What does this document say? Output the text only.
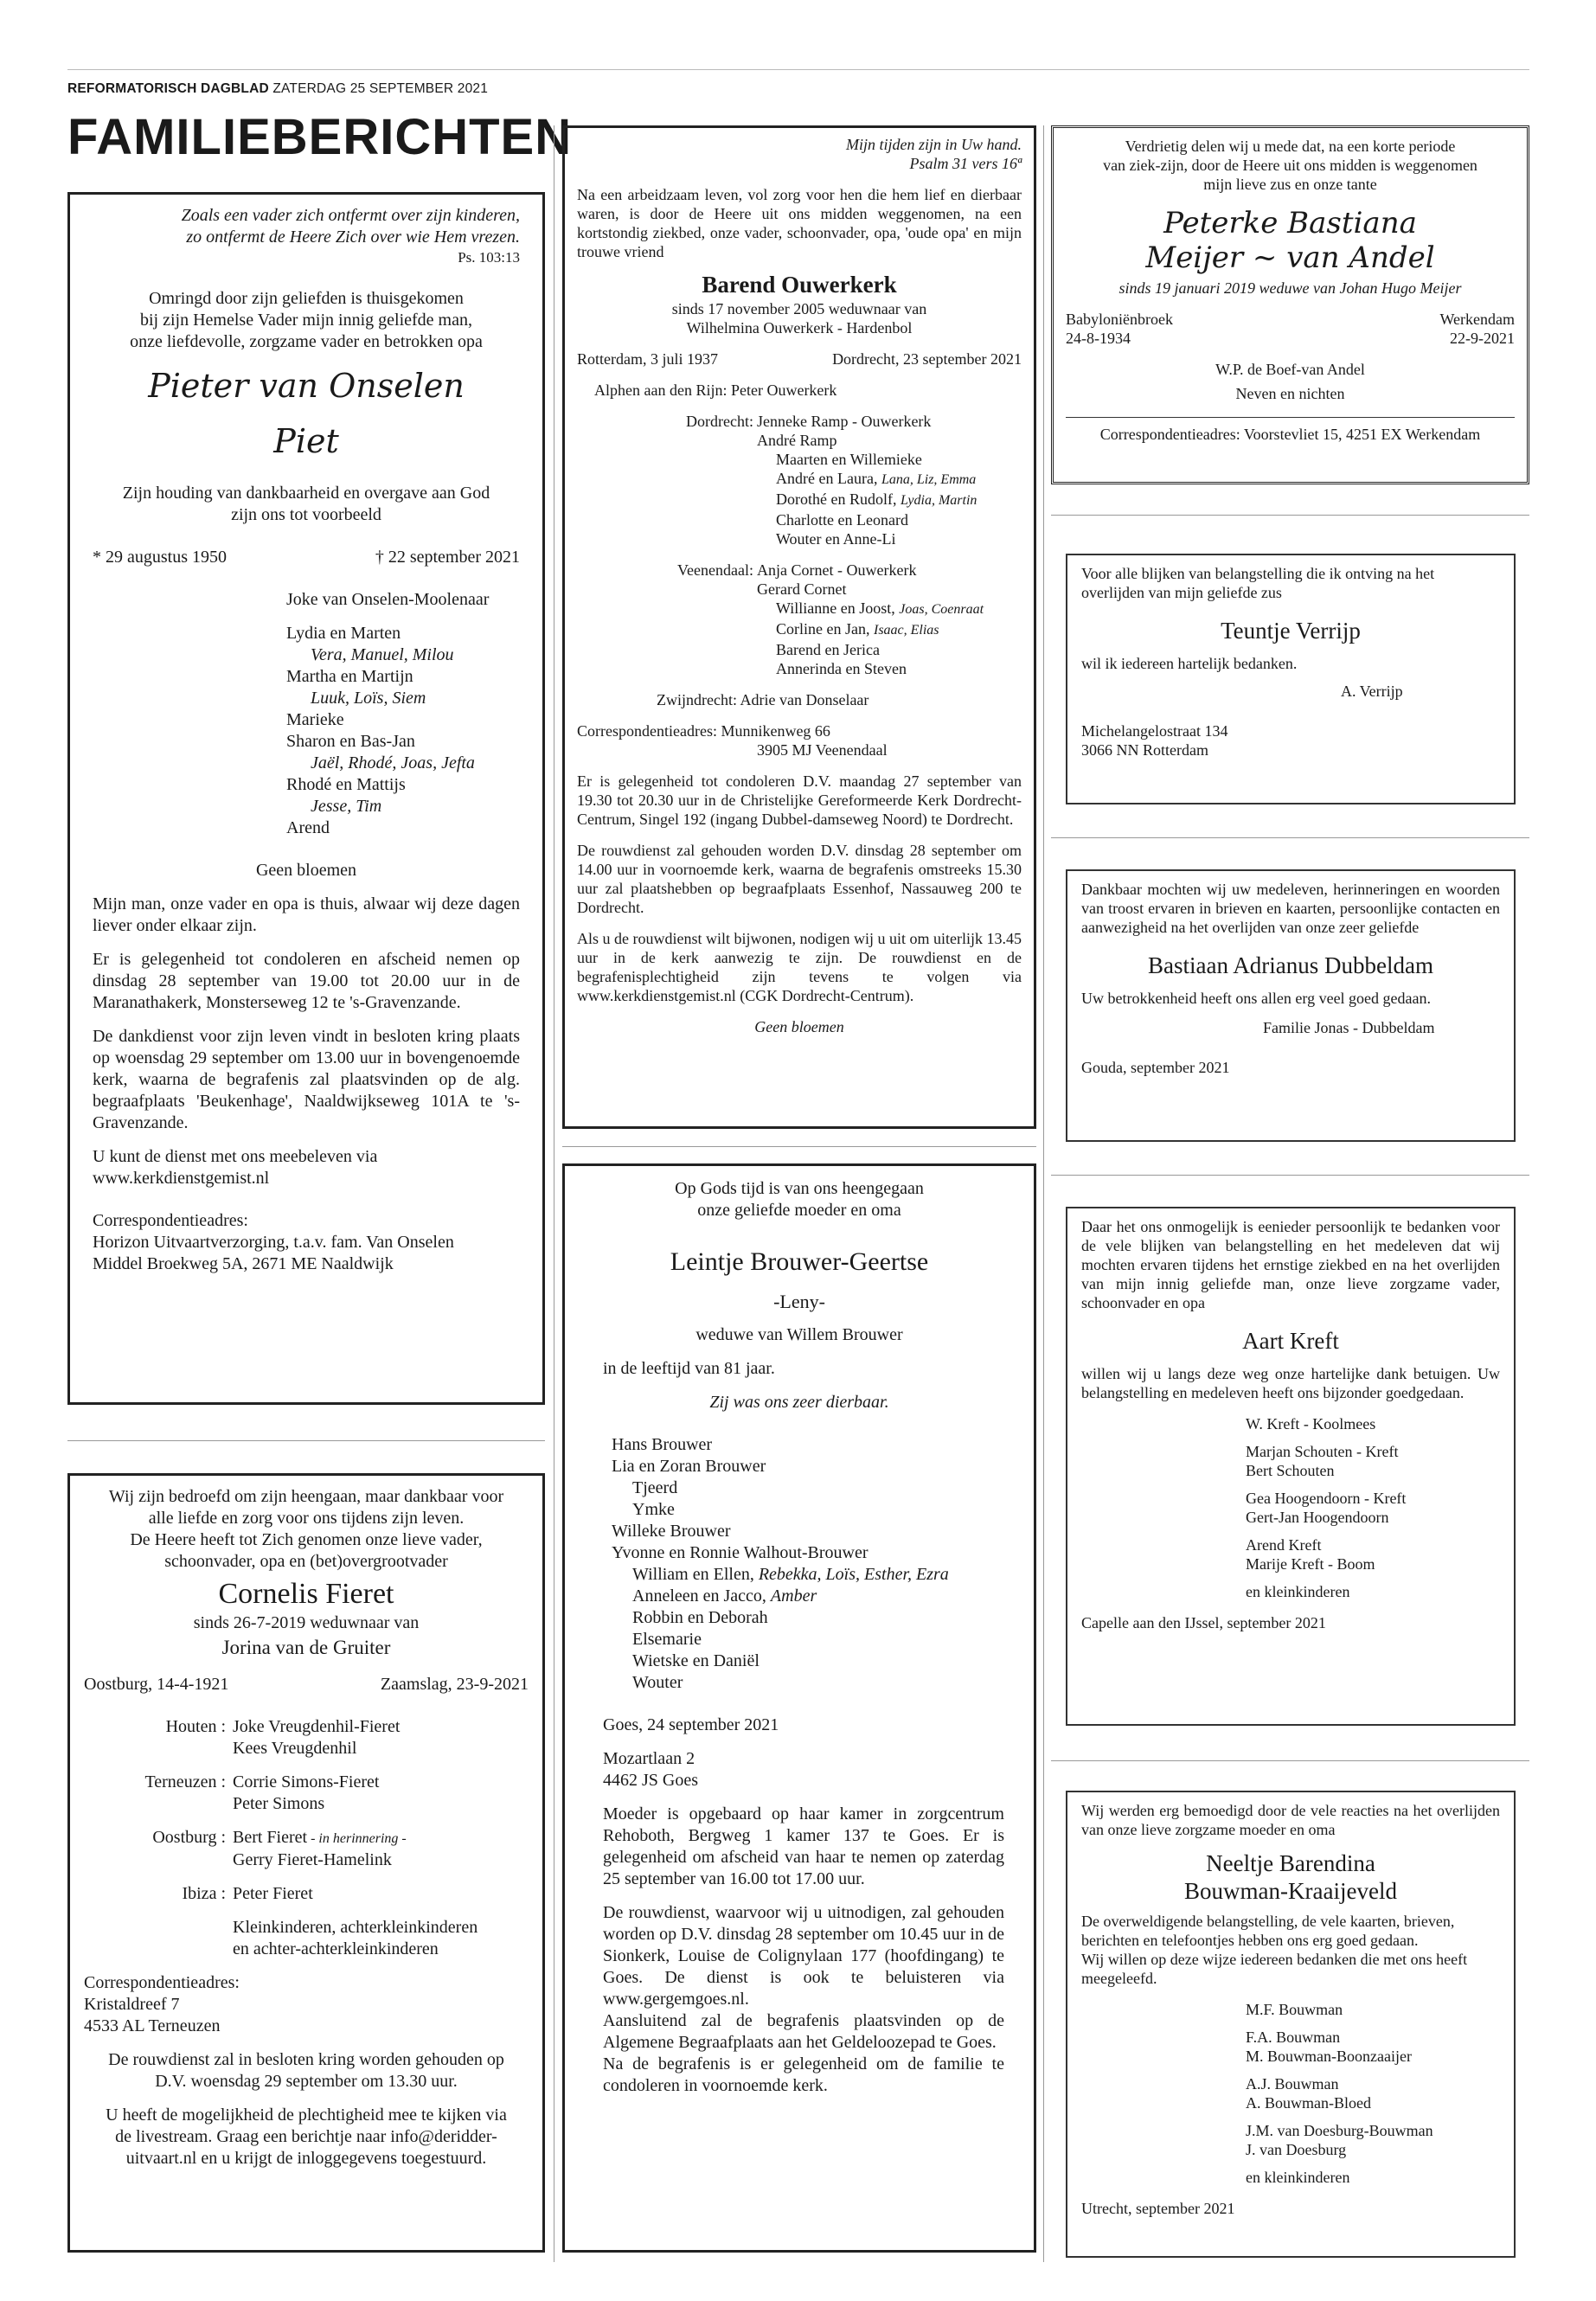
REFORMATORISCH DAGBLAD ZATERDAG 25 SEPTEMBER 2021
FAMILIEBERICHTEN
Zoals een vader zich ontfermt over zijn kinderen,
zo ontfermt de Heere Zich over wie Hem vrezen.
Ps. 103:13
Omringd door zijn geliefden is thuisgekomen
bij zijn Hemelse Vader mijn innig geliefde man,
onze liefdevolle, zorgzame vader en betrokken opa
Pieter van Onselen
Piet
Zijn houding van dankbaarheid en overgave aan God
zijn ons tot voorbeeld
* 29 augustus 1950	† 22 september 2021
Joke van Onselen-Moolenaar
Lydia en Marten
Vera, Manuel, Milou
Martha en Martijn
Luuk, Loïs, Siem
Marieke
Sharon en Bas-Jan
Jaël, Rhodé, Joas, Jefta
Rhodé en Mattijs
Jesse, Tim
Arend
Geen bloemen
Mijn man, onze vader en opa is thuis, alwaar wij deze dagen liever onder elkaar zijn.
Er is gelegenheid tot condoleren en afscheid nemen op dinsdag 28 september van 19.00 tot 20.00 uur in de Maranathakerk, Monsterseweg 12 te 's-Gravenzande.
De dankdienst voor zijn leven vindt in besloten kring plaats op woensdag 29 september om 13.00 uur in bovengenoemde kerk, waarna de begrafenis zal plaatsvinden op de alg. begraafplaats 'Beukenhage', Naaldwijkseweg 101A te 's-Gravenzande.
U kunt de dienst met ons meebeleven via
www.kerkdienstgemist.nl
Correspondentieadres:
Horizon Uitvaartverzorging, t.a.v. fam. Van Onselen
Middel Broekweg 5A, 2671 ME Naaldwijk
Wij zijn bedroefd om zijn heengaan, maar dankbaar voor
alle liefde en zorg voor ons tijdens zijn leven.
De Heere heeft tot Zich genomen onze lieve vader,
schoonvader, opa en (bet)overgrootvader
Cornelis Fieret
sinds 26-7-2019 weduwnaar van
Jorina van de Gruiter
Oostburg, 14-4-1921	Zaamslag, 23-9-2021
Houten : Joke Vreugdenhil-Fieret
Kees Vreugdenhil
Terneuzen : Corrie Simons-Fieret
Peter Simons
Oostburg : Bert Fieret - in herinnering -
Gerry Fieret-Hamelink
Ibiza : Peter Fieret
Kleinkinderen, achterkleinkinderen
en achter-achterkleinkinderen
Correspondentieadres:
Kristaldreef 7
4533 AL Terneuzen
De rouwdienst zal in besloten kring worden gehouden op D.V. woensdag 29 september om 13.30 uur.
U heeft de mogelijkheid de plechtigheid mee te kijken via de livestream. Graag een berichtje naar info@deridder-uitvaart.nl en u krijgt de inloggegevens toegestuurd.
Mijn tijden zijn in Uw hand.
Psalm 31 vers 16ª
Na een arbeidzaam leven, vol zorg voor hen die hem lief en dierbaar waren, is door de Heere uit ons midden weggenomen, na een kortstondig ziekbed, onze vader, schoonvader, opa, 'oude opa' en mijn trouwe vriend
Barend Ouwerkerk
sinds 17 november 2005 weduwnaar van
Wilhelmina Ouwerkerk - Hardenbol
Rotterdam, 3 juli 1937	Dordrecht, 23 september 2021
Alphen aan den Rijn: Peter Ouwerkerk
Dordrecht: Jenneke Ramp - Ouwerkerk
André Ramp
Maarten en Willemieke
André en Laura, Lana, Liz, Emma
Dorothé en Rudolf, Lydia, Martin
Charlotte en Leonard
Wouter en Anne-Li
Veenendaal: Anja Cornet - Ouwerkerk
Gerard Cornet
Willianne en Joost, Joas, Coenraat
Corline en Jan, Isaac, Elias
Barend en Jerica
Annerinda en Steven
Zwijndrecht: Adrie van Donselaar
Correspondentieadres: Munnikenweg 66
3905 MJ Veenendaal
Er is gelegenheid tot condoleren D.V. maandag 27 september van 19.30 tot 20.30 uur in de Christelijke Gereformeerde Kerk Dordrecht-Centrum, Singel 192 (ingang Dubbel-damseweg Noord) te Dordrecht.
De rouwdienst zal gehouden worden D.V. dinsdag 28 september om 14.00 uur in voornoemde kerk, waarna de begrafenis omstreeks 15.30 uur zal plaatshebben op begraafplaats Essenhof, Nassauweg 200 te Dordrecht.
Als u de rouwdienst wilt bijwonen, nodigen wij u uit om uiterlijk 13.45 uur in de kerk aanwezig te zijn. De rouwdienst en de begrafenisplechtigheid zijn tevens te volgen via www.kerkdienstgemist.nl (CGK Dordrecht-Centrum).
Geen bloemen
Op Gods tijd is van ons heengegaan
onze geliefde moeder en oma
Leintje Brouwer-Geertse
-Leny-
weduwe van Willem Brouwer
in de leeftijd van 81 jaar.
Zij was ons zeer dierbaar.
Hans Brouwer
Lia en Zoran Brouwer
Tjeerd
Ymke
Willeke Brouwer
Yvonne en Ronnie Walhout-Brouwer
William en Ellen, Rebekka, Loïs, Esther, Ezra
Anneleen en Jacco, Amber
Robbin en Deborah
Elsemarie
Wietske en Daniël
Wouter
Goes, 24 september 2021
Mozartlaan 2
4462 JS Goes
Moeder is opgebaard op haar kamer in zorgcentrum Rehoboth, Bergweg 1 kamer 137 te Goes. Er is gelegenheid om afscheid van haar te nemen op zaterdag 25 september van 16.00 tot 17.00 uur.
De rouwdienst, waarvoor wij u uitnodigen, zal gehouden worden op D.V. dinsdag 28 september om 10.45 uur in de Sionkerk, Louise de Colignylaan 177 (hoofdingang) te Goes. De dienst is ook te beluisteren via www.gergemgoes.nl.
Aansluitend zal de begrafenis plaatsvinden op de Algemene Begraafplaats aan het Geldeloozepad te Goes.
Na de begrafenis is er gelegenheid om de familie te condoleren in voornoemde kerk.
Verdrietig delen wij u mede dat, na een korte periode
van ziek-zijn, door de Heere uit ons midden is weggenomen
mijn lieve zus en onze tante
Peterke Bastiana
Meijer ~ van Andel
sinds 19 januari 2019 weduwe van Johan Hugo Meijer
Babyloniënbroek	Werkendam
24-8-1934	22-9-2021
W.P. de Boef-van Andel
Neven en nichten
Correspondentieadres: Voorstevliet 15, 4251 EX Werkendam
Voor alle blijken van belangstelling die ik ontving na het overlijden van mijn geliefde zus
Teuntje Verrijp
wil ik iedereen hartelijk bedanken.
A. Verrijp
Michelangelostraat 134
3066 NN Rotterdam
Dankbaar mochten wij uw medeleven, herinneringen en woorden van troost ervaren in brieven en kaarten, persoonlijke contacten en aanwezigheid na het overlijden van onze zeer geliefde
Bastiaan Adrianus Dubbeldam
Uw betrokkenheid heeft ons allen erg veel goed gedaan.
Familie Jonas - Dubbeldam
Gouda, september 2021
Daar het ons onmogelijk is eenieder persoonlijk te bedanken voor de vele blijken van belangstelling en het medeleven dat wij mochten ervaren tijdens het ernstige ziekbed en na het overlijden van mijn innig geliefde man, onze lieve zorgzame vader, schoonvader en opa
Aart Kreft
willen wij u langs deze weg onze hartelijke dank betuigen. Uw belangstelling en medeleven heeft ons bijzonder goedgedaan.
W. Kreft - Koolmees
Marjan Schouten - Kreft
Bert Schouten
Gea Hoogendoorn - Kreft
Gert-Jan Hoogendoorn
Arend Kreft
Marije Kreft - Boom
en kleinkinderen
Capelle aan den IJssel, september 2021
Wij werden erg bemoedigd door de vele reacties na het overlijden van onze lieve zorgzame moeder en oma
Neeltje Barendina
Bouwman-Kraaijeveld
De overweldigende belangstelling, de vele kaarten, brieven, berichten en telefoontjes hebben ons erg goed gedaan.
Wij willen op deze wijze iedereen bedanken die met ons heeft meegeleefd.
M.F. Bouwman
F.A. Bouwman
M. Bouwman-Boonzaaijer
A.J. Bouwman
A. Bouwman-Bloed
J.M. van Doesburg-Bouwman
J. van Doesburg
en kleinkinderen
Utrecht, september 2021
